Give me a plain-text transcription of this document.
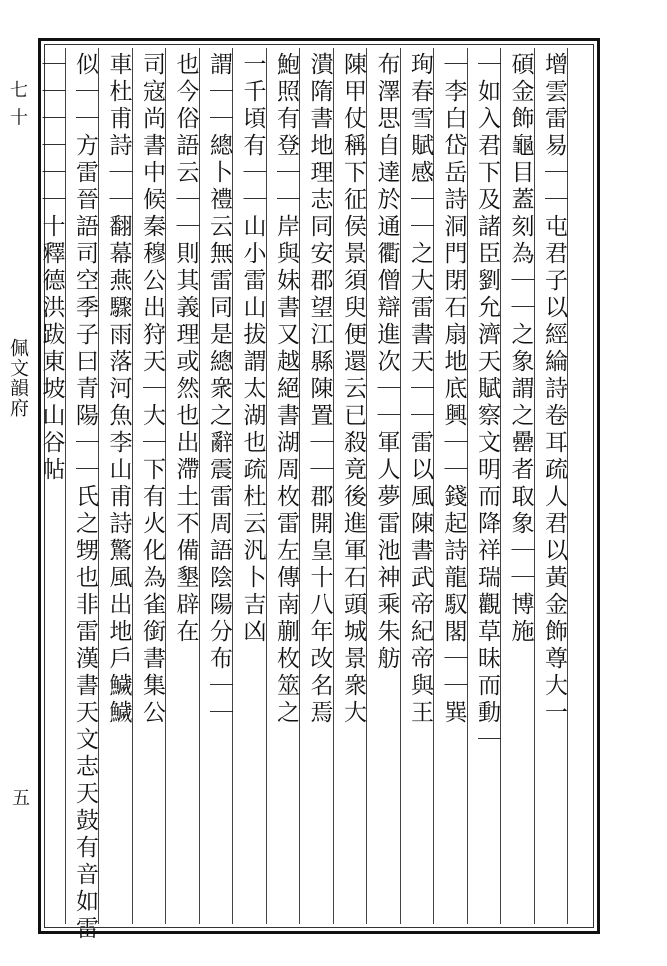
七 十
佩文韻府
五
增雲雷易｜｜屯君子以經綸詩卷耳疏人君以黃金飾尊大一
碩金飾龜目蓋刻為｜｜之象謂之罍者取象｜｜博施
｜如入君下及諸臣劉允濟天賦察文明而降祥瑞觀草昧而動｜
｜李白岱岳詩洞門閉石扇地底興｜｜錢起詩龍馭閣｜｜巽
珣春雪賦感｜｜之大雷書天｜｜雷以風陳書武帝紀帝與王
布澤思自達於通衢僧辯進次｜｜軍人夢雷池神乘朱舫
陳甲仗稱下征侯景須臾便還云已殺竟後進軍石頭城景衆大
潰隋書地理志同安郡望江縣陳置｜｜郡開皇十八年改名焉
鮑照有登｜｜岸與妹書又越絕書湖周枚雷左傳南蒯枚筮之
一千頃有｜｜山小雷山拔謂太湖也疏杜云汎卜吉凶
謂｜｜總卜禮云無雷同是總衆之辭震雷周語陰陽分布｜｜
也今俗語云｜｜則其義理或然也出滯土不備墾辟在
司寇尚書中候秦穆公出狩天｜大｜下有火化為雀銜書集公
車杜甫詩｜｜翻幕燕驟雨落河魚李山甫詩驚風出地戶鱥鱥
似｜｜方雷晉語司空季子曰青陽｜｜氏之甥也非雷漢書天文志天鼓有音如雷
｜｜｜｜｜｜十釋德洪跋東坡山谷帖
